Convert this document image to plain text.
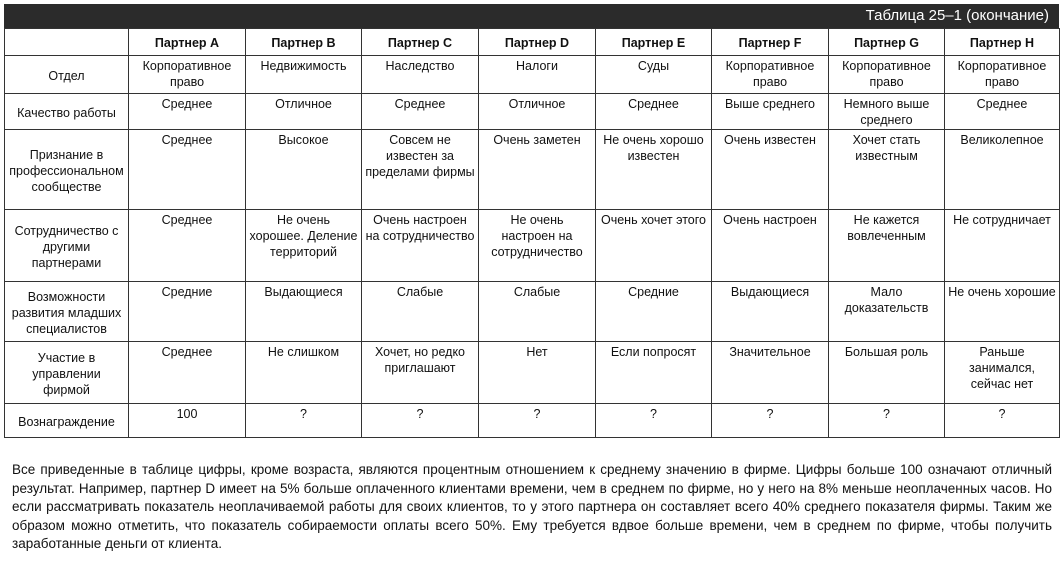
Таблица 25–1 (окончание)
	Партнер A	Партнер B	Партнер C	Партнер D	Партнер E	Партнер F	Партнер G	Партнер H
Отдел	Корпоративное право	Недвижимость	Наследство	Налоги	Суды	Корпоративное право	Корпоративное право	Корпоративное право
Качество работы	Среднее	Отличное	Среднее	Отличное	Среднее	Выше среднего	Немного выше среднего	Среднее
Признание в профессиональном сообществе	Среднее	Высокое	Совсем не известен за пределами фирмы	Очень заметен	Не очень хорошо известен	Очень известен	Хочет стать известным	Великолепное
Сотрудничество с другими партнерами	Среднее	Не очень хорошее. Деление территорий	Очень настроен на сотрудничество	Не очень настроен на сотрудничество	Очень хочет этого	Очень настроен	Не кажется вовлеченным	Не сотрудничает
Возможности развития младших специалистов	Средние	Выдающиеся	Слабые	Слабые	Средние	Выдающиеся	Мало доказательств	Не очень хорошие
Участие в управлении фирмой	Среднее	Не слишком	Хочет, но редко приглашают	Нет	Если попросят	Значительное	Большая роль	Раньше занимался, сейчас нет
Вознаграждение	100	?	?	?	?	?	?	?

Все приведенные в таблице цифры, кроме возраста, являются процентным отношением к среднему значению в фирме. Цифры больше 100 означают отличный результат. Например, партнер D имеет на 5% больше оплаченного клиентами времени, чем в среднем по фирме, но у него на 8% меньше неоплаченных часов. Но если рассматривать показатель неоплачиваемой работы для своих клиентов, то у этого партнера он составляет всего 40% среднего показателя фирмы. Таким же образом можно отметить, что показатель собираемости оплаты всего 50%. Ему требуется вдвое больше времени, чем в среднем по фирме, чтобы получить заработанные деньги от клиента.
